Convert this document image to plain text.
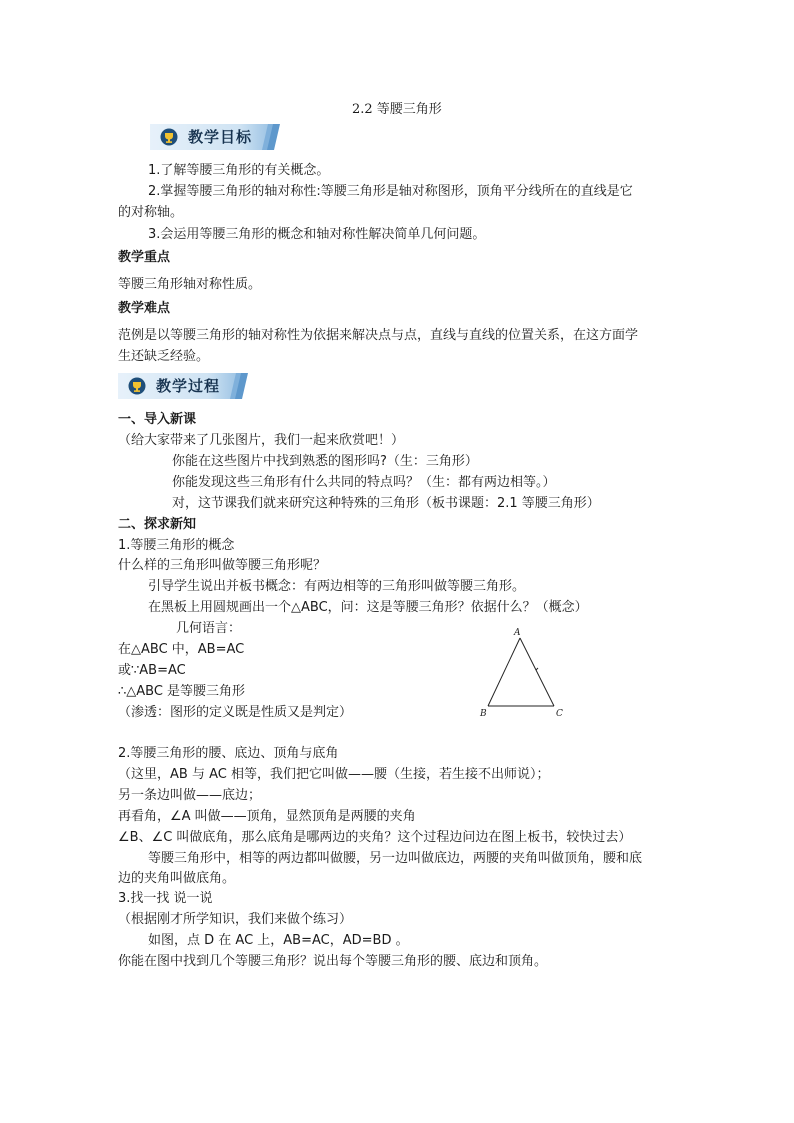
2.2 等腰三角形
教学目标
1.了解等腰三角形的有关概念。
2.掌握等腰三角形的轴对称性:等腰三角形是轴对称图形，顶角平分线所在的直线是它
的对称轴。
3.会运用等腰三角形的概念和轴对称性解决简单几何问题。
教学重点
等腰三角形轴对称性质。
教学难点
范例是以等腰三角形的轴对称性为依据来解决点与点，直线与直线的位置关系，在这方面学
生还缺乏经验。
教学过程
一、导入新课
（给大家带来了几张图片，我们一起来欣赏吧！）
你能在这些图片中找到熟悉的图形吗?（生：三角形）
你能发现这些三角形有什么共同的特点吗？（生：都有两边相等。）
对，这节课我们就来研究这种特殊的三角形（板书课题：2.1 等腰三角形）
二、探求新知
1.等腰三角形的概念
什么样的三角形叫做等腰三角形呢？
引导学生说出并板书概念：有两边相等的三角形叫做等腰三角形。
在黑板上用圆规画出一个△ABC，问：这是等腰三角形？依据什么？（概念）
几何语言：
在△ABC 中，AB=AC
或∵AB=AC
∴△ABC 是等腰三角形
（渗透：图形的定义既是性质又是判定）
A
B	C
2.等腰三角形的腰、底边、顶角与底角
（这里，AB 与 AC 相等，我们把它叫做——腰（生接，若生接不出师说）；
另一条边叫做——底边；
再看角，∠A 叫做——顶角，显然顶角是两腰的夹角
∠B、∠C 叫做底角，那么底角是哪两边的夹角？这个过程边问边在图上板书，较快过去）
等腰三角形中，相等的两边都叫做腰，另一边叫做底边，两腰的夹角叫做顶角，腰和底
边的夹角叫做底角。
3.找一找 说一说
（根据刚才所学知识，我们来做个练习）
如图，点 D 在 AC 上，AB=AC，AD=BD 。
你能在图中找到几个等腰三角形？说出每个等腰三角形的腰、底边和顶角。
